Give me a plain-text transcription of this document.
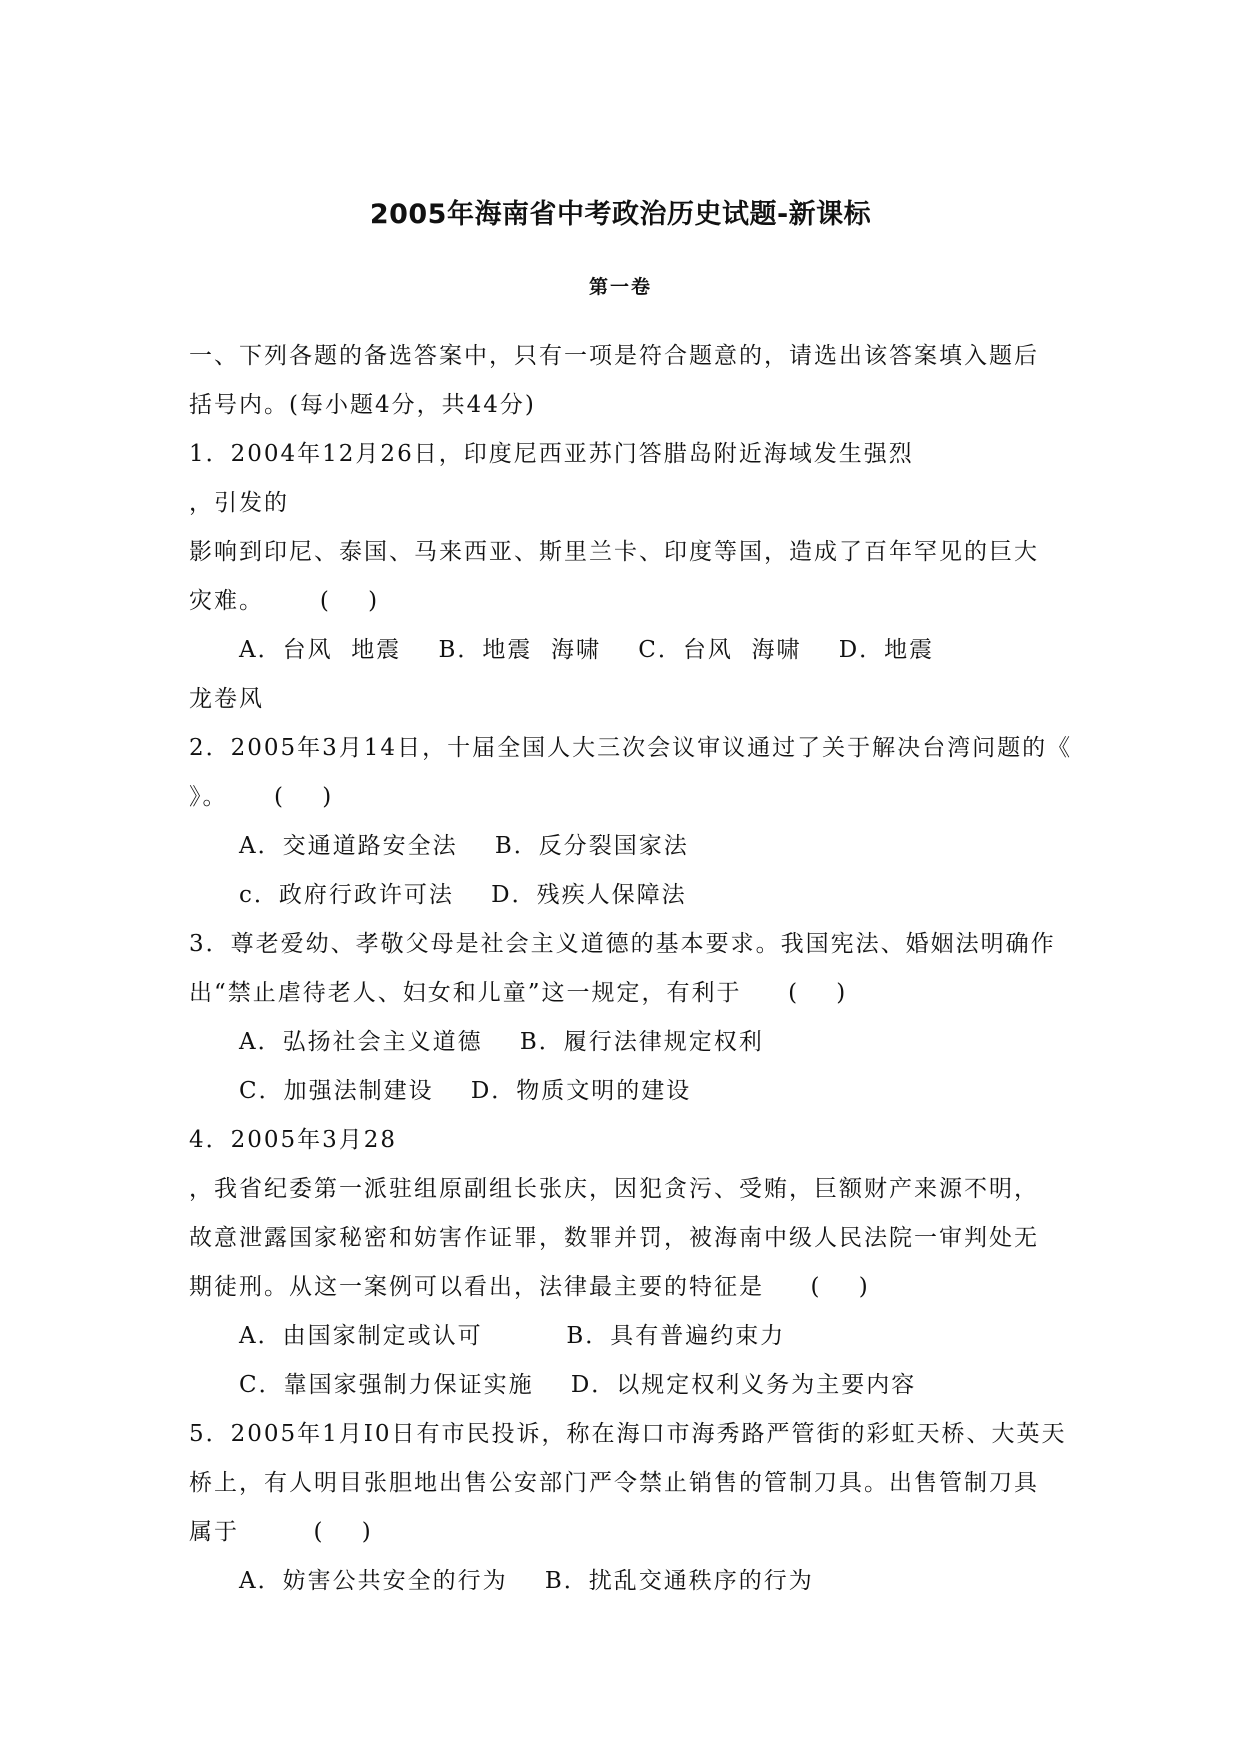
2005年海南省中考政治历史试题-新课标
第一卷
一、下列各题的备选答案中，只有一项是符合题意的，请选出该答案填入题后
括号内。(每小题4分，共44分)
1．2004年12月26日，印度尼西亚苏门答腊岛附近海域发生强烈
，引发的
影响到印尼、泰国、马来西亚、斯里兰卡、印度等国，造成了百年罕见的巨大
灾难。      (    )
A．台风  地震    B．地震  海啸    C．台风  海啸    D．地震
龙卷风
2．2005年3月14日，十届全国人大三次会议审议通过了关于解决台湾问题的《
》。     (    )
A．交通道路安全法    B．反分裂国家法
c．政府行政许可法    D．残疾人保障法
3．尊老爱幼、孝敬父母是社会主义道德的基本要求。我国宪法、婚姻法明确作
出“禁止虐待老人、妇女和儿童”这一规定，有利于     (    )
A．弘扬社会主义道德    B．履行法律规定权利
C．加强法制建设    D．物质文明的建设
4．2005年3月28
，我省纪委第一派驻组原副组长张庆，因犯贪污、受贿，巨额财产来源不明，
故意泄露国家秘密和妨害作证罪，数罪并罚，被海南中级人民法院一审判处无
期徒刑。从这一案例可以看出，法律最主要的特征是     (    )
A．由国家制定或认可         B．具有普遍约束力
C．靠国家强制力保证实施    D．以规定权利义务为主要内容
5．2005年1月I0日有市民投诉，称在海口市海秀路严管街的彩虹天桥、大英天
桥上，有人明目张胆地出售公安部门严令禁止销售的管制刀具。出售管制刀具
属于        (    )
A．妨害公共安全的行为    B．扰乱交通秩序的行为
